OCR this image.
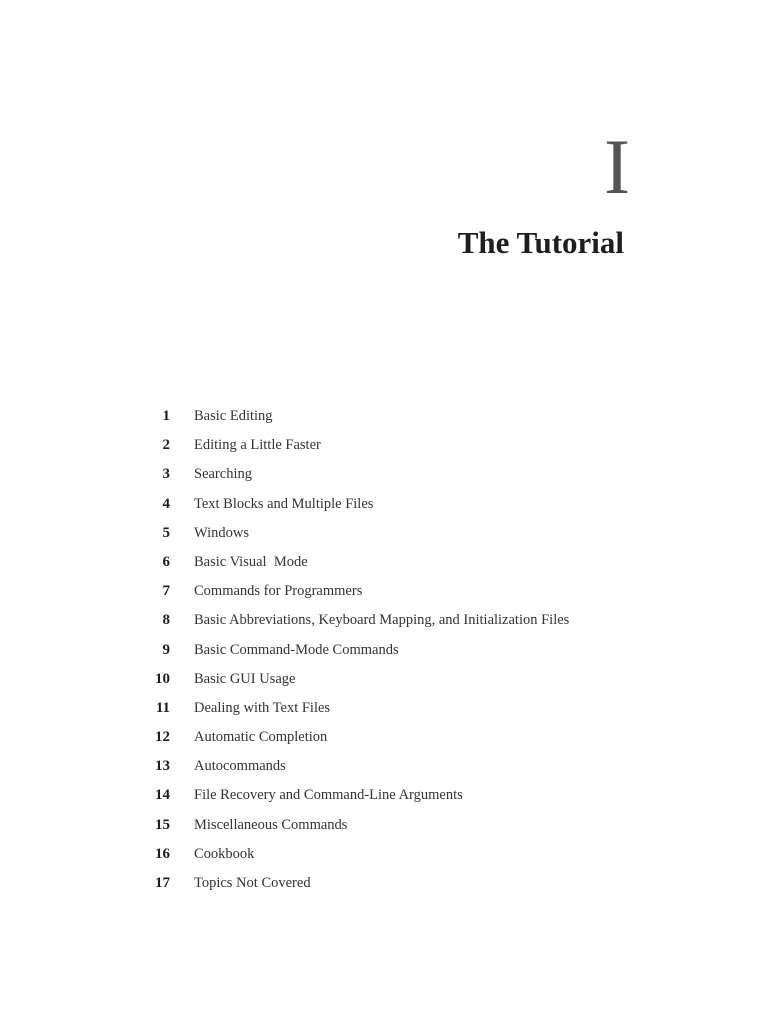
I
The Tutorial
1 Basic Editing
2 Editing a Little Faster
3 Searching
4 Text Blocks and Multiple Files
5 Windows
6 Basic Visual  Mode
7 Commands for Programmers
8 Basic Abbreviations, Keyboard Mapping, and Initialization Files
9 Basic Command-Mode Commands
10 Basic GUI Usage
11 Dealing with Text Files
12 Automatic Completion
13 Autocommands
14 File Recovery and Command-Line Arguments
15 Miscellaneous Commands
16 Cookbook
17 Topics Not Covered
